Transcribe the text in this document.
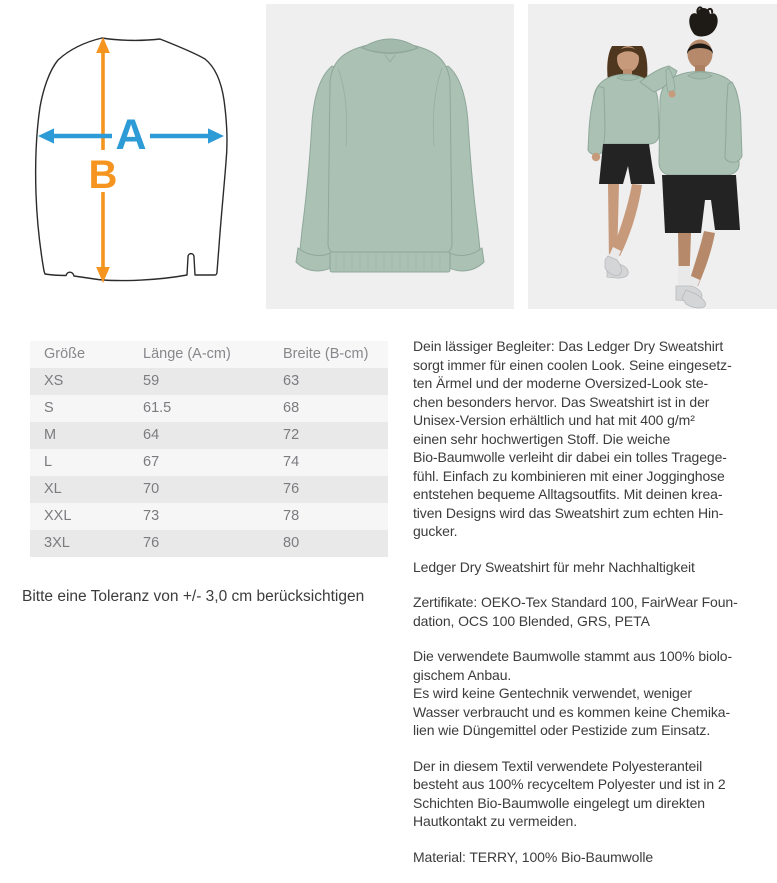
A
B
Größe	Länge (A-cm)	Breite (B-cm)
XS	59	63
S	61.5	68
M	64	72
L	67	74
XL	70	76
XXL	73	78
3XL	76	80
Bitte eine Toleranz von +/- 3,0 cm berücksichtigen

Dein lässiger Begleiter: Das Ledger Dry Sweatshirt
sorgt immer für einen coolen Look. Seine eingesetz-
ten Ärmel und der moderne Oversized-Look ste-
chen besonders hervor. Das Sweatshirt ist in der
Unisex-Version erhältlich und hat mit 400 g/m²
einen sehr hochwertigen Stoff. Die weiche
Bio-Baumwolle verleiht dir dabei ein tolles Tragege-
fühl. Einfach zu kombinieren mit einer Jogginghose
entstehen bequeme Alltagsoutfits. Mit deinen krea-
tiven Designs wird das Sweatshirt zum echten Hin-
gucker.

Ledger Dry Sweatshirt für mehr Nachhaltigkeit

Zertifikate: OEKO-Tex Standard 100, FairWear Foun-
dation, OCS 100 Blended, GRS, PETA

Die verwendete Baumwolle stammt aus 100% biolo-
gischem Anbau.
Es wird keine Gentechnik verwendet, weniger
Wasser verbraucht und es kommen keine Chemika-
lien wie Düngemittel oder Pestizide zum Einsatz.

Der in diesem Textil verwendete Polyesteranteil
besteht aus 100% recyceltem Polyester und ist in 2
Schichten Bio-Baumwolle eingelegt um direkten
Hautkontakt zu vermeiden.

Material: TERRY, 100% Bio-Baumwolle
